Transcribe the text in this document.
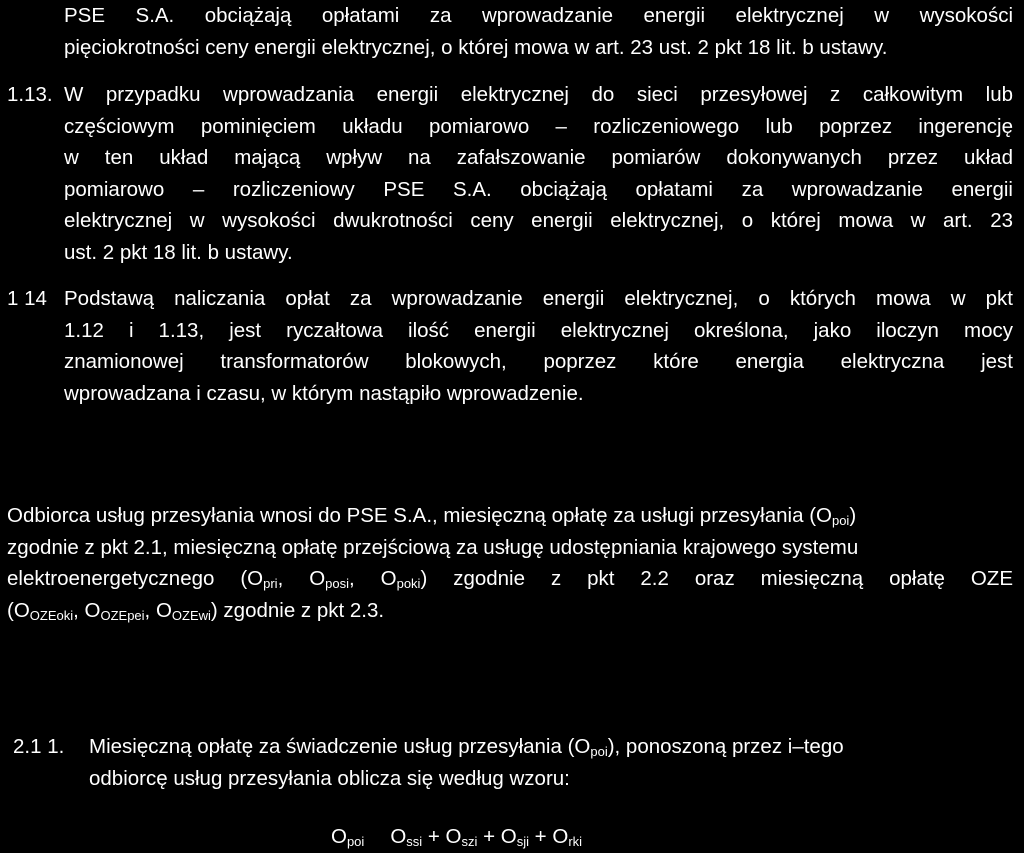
PSE S.A. obciążają opłatami za wprowadzanie energii elektrycznej w wysokości
pięciokrotności ceny energii elektrycznej, o której mowa w art. 23 ust. 2 pkt 18 lit. b ustawy.
1.13. W przypadku wprowadzania energii elektrycznej do sieci przesyłowej z całkowitym lub
częściowym pominięciem układu pomiarowo – rozliczeniowego lub poprzez ingerencję
w ten układ mającą wpływ na zafałszowanie pomiarów dokonywanych przez układ
pomiarowo – rozliczeniowy PSE S.A. obciążają opłatami za wprowadzanie energii
elektrycznej w wysokości dwukrotności ceny energii elektrycznej, o której mowa w art. 23
ust. 2 pkt 18 lit. b ustawy.
1 14 Podstawą naliczania opłat za wprowadzanie energii elektrycznej, o których mowa w pkt
1.12 i 1.13, jest ryczałtowa ilość energii elektrycznej określona, jako iloczyn mocy
znamionowej transformatorów blokowych, poprzez które energia elektryczna jest
wprowadzana i czasu, w którym nastąpiło wprowadzenie.
Odbiorca usług przesyłania wnosi do PSE S.A., miesięczną opłatę za usługi przesyłania $(O_{poi})$
zgodnie z pkt 2.1, miesięczną opłatę przejściową za usługę udostępniania krajowego systemu
elektroenergetycznego ($O_{pri}$, $O_{posi}$, $O_{poki}$) zgodnie z pkt 2.2 oraz miesięczną opłatę OZE
($O_{OZEoki}$, $O_{OZEpei}$, $O_{OZEwi}$) zgodnie z pkt 2.3.
2.1 1. Miesięczną opłatę za świadczenie usług przesyłania $(O_{poi})$, ponoszoną przez i–tego
odbiorcę usług przesyłania oblicza się według wzoru:
$O_{poi}$ $O_{ssi} + O_{szi} + O_{sji} + O_{rki}$
